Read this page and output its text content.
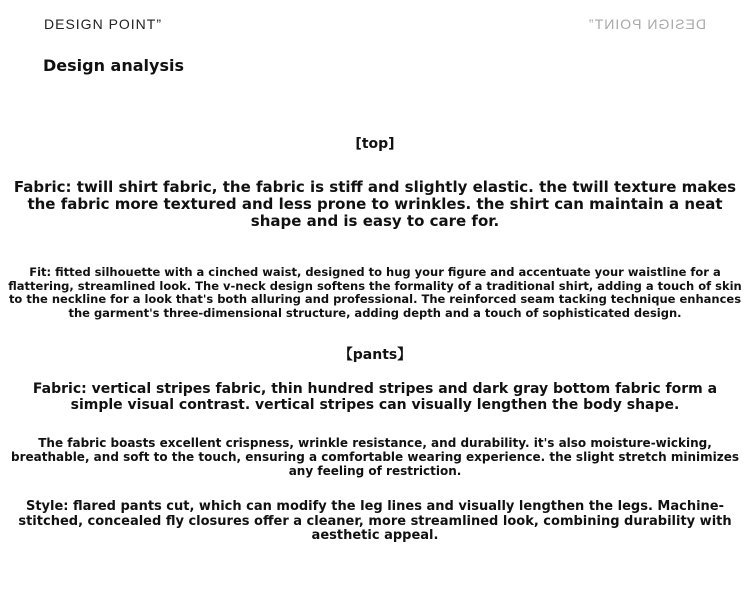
DESIGN POINT”	DESIGN POINT”
Design analysis
[top]
Fabric: twill shirt fabric, the fabric is stiff and slightly elastic. the twill texture makes the fabric more textured and less prone to wrinkles. the shirt can maintain a neat shape and is easy to care for.
Fit: fitted silhouette with a cinched waist, designed to hug your figure and accentuate your waistline for a flattering, streamlined look. The v-neck design softens the formality of a traditional shirt, adding a touch of skin to the neckline for a look that's both alluring and professional. The reinforced seam tacking technique enhances the garment's three-dimensional structure, adding depth and a touch of sophisticated design.
【pants】
Fabric: vertical stripes fabric, thin hundred stripes and dark gray bottom fabric form a simple visual contrast. vertical stripes can visually lengthen the body shape.
The fabric boasts excellent crispness, wrinkle resistance, and durability. it's also moisture-wicking, breathable, and soft to the touch, ensuring a comfortable wearing experience. the slight stretch minimizes any feeling of restriction.
Style: flared pants cut, which can modify the leg lines and visually lengthen the legs. Machine-stitched, concealed fly closures offer a cleaner, more streamlined look, combining durability with aesthetic appeal.
